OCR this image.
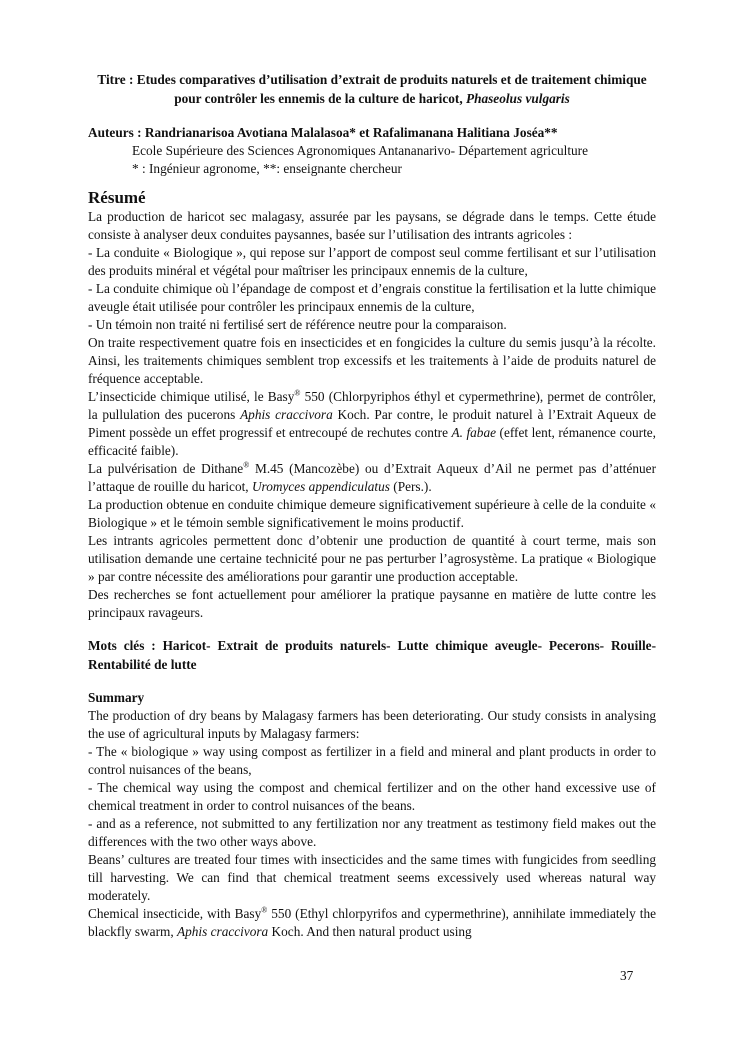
Titre : Etudes comparatives d’utilisation d’extrait de produits naturels et de traitement chimique pour contrôler les ennemis de la culture de haricot, Phaseolus vulgaris

Auteurs : Randrianarisoa Avotiana Malalasoa* et Rafalimanana Halitiana Joséa**
Ecole Supérieure des Sciences Agronomiques Antananarivo- Département agriculture
* : Ingénieur agronome, **: enseignante chercheur
Résumé

La production de haricot sec malagasy, assurée par les paysans, se dégrade dans le temps. Cette étude consiste à analyser deux conduites paysannes, basée sur l’utilisation des intrants agricoles :

- La conduite « Biologique », qui repose sur l’apport de compost seul comme fertilisant et sur l’utilisation des produits minéral et végétal pour maîtriser les principaux ennemis de la culture,

- La conduite chimique où l’épandage de compost et d’engrais constitue la fertilisation et la lutte chimique aveugle était utilisée pour contrôler les principaux ennemis de la culture,

- Un témoin non traité ni fertilisé sert de référence neutre pour la comparaison.

On traite respectivement quatre fois en insecticides et en fongicides la culture du semis jusqu’à la récolte. Ainsi, les traitements chimiques semblent trop excessifs et les traitements à l’aide de produits naturel de fréquence acceptable.

L’insecticide chimique utilisé, le Basy® 550 (Chlorpyriphos éthyl et cypermethrine), permet de contrôler, la pullulation des pucerons Aphis craccivora Koch. Par contre, le produit naturel à l’Extrait Aqueux de Piment possède un effet progressif et entrecoupé de rechutes contre A. fabae (effet lent, rémanence courte, efficacité faible).

La pulvérisation de Dithane® M.45 (Mancozèbe) ou d’Extrait Aqueux d’Ail ne permet pas d’atténuer l’attaque de rouille du haricot, Uromyces appendiculatus (Pers.).

La production obtenue en conduite chimique demeure significativement supérieure à celle de la conduite « Biologique » et le témoin semble significativement le moins productif.

Les intrants agricoles permettent donc d’obtenir une production de quantité à court terme, mais son utilisation demande une certaine technicité pour ne pas perturber l’agrosystème. La pratique « Biologique » par contre nécessite des améliorations pour garantir une production acceptable.

Des recherches se font actuellement pour améliorer la pratique paysanne en matière de lutte contre les principaux ravageurs.

Mots clés : Haricot- Extrait de produits naturels- Lutte chimique aveugle- Pecerons- Rouille- Rentabilité de lutte

Summary

The production of dry beans by Malagasy farmers has been deteriorating. Our study consists in analysing the use of agricultural inputs by Malagasy farmers:

- The « biologique » way using compost as fertilizer in a field and mineral and plant products in order to control nuisances of the beans,

- The chemical way using the compost and chemical fertilizer and on the other hand excessive use of chemical treatment in order to control nuisances of the beans.

- and as a reference, not submitted to any fertilization nor any treatment as testimony field makes out the differences with the two other ways above.

Beans’ cultures are treated four times with insecticides and the same times with fungicides from seedling till harvesting. We can find that chemical treatment seems excessively used whereas natural way moderately.

Chemical insecticide, with Basy® 550 (Ethyl chlorpyrifos and cypermethrine), annihilate immediately the blackfly swarm, Aphis craccivora Koch. And then natural product using

37
